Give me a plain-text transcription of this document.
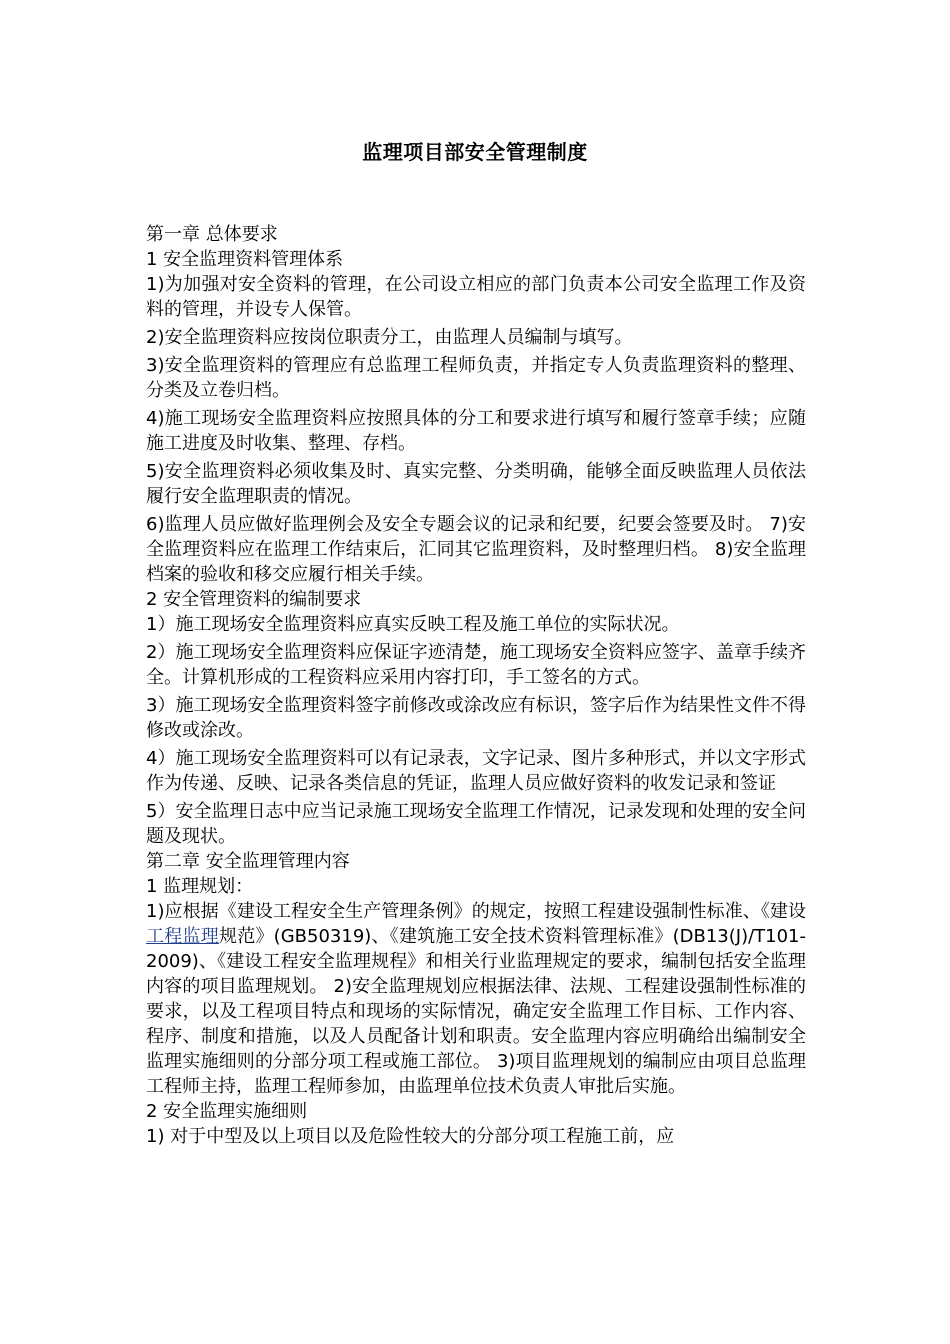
监理项目部安全管理制度

第一章 总体要求

1 安全监理资料管理体系

1)为加强对安全资料的管理，在公司设立相应的部门负责本公司安全监理工作及资料的管理，并设专人保管。

2)安全监理资料应按岗位职责分工，由监理人员编制与填写。

3)安全监理资料的管理应有总监理工程师负责，并指定专人负责监理资料的整理、分类及立卷归档。

4)施工现场安全监理资料应按照具体的分工和要求进行填写和履行签章手续；应随施工进度及时收集、整理、存档。

5)安全监理资料必须收集及时、真实完整、分类明确，能够全面反映监理人员依法履行安全监理职责的情况。

6)监理人员应做好监理例会及安全专题会议的记录和纪要，纪要会签要及时。 7)安全监理资料应在监理工作结束后，汇同其它监理资料，及时整理归档。 8)安全监理档案的验收和移交应履行相关手续。

2 安全管理资料的编制要求

1）施工现场安全监理资料应真实反映工程及施工单位的实际状况。

2）施工现场安全监理资料应保证字迹清楚，施工现场安全资料应签字、盖章手续齐全。计算机形成的工程资料应采用内容打印，手工签名的方式。

3）施工现场安全监理资料签字前修改或涂改应有标识，签字后作为结果性文件不得修改或涂改。

4）施工现场安全监理资料可以有记录表，文字记录、图片多种形式，并以文字形式作为传递、反映、记录各类信息的凭证，监理人员应做好资料的收发记录和签证

5）安全监理日志中应当记录施工现场安全监理工作情况，记录发现和处理的安全问题及现状。

第二章 安全监理管理内容

1 监理规划：

1)应根据《建设工程安全生产管理条例》的规定，按照工程建设强制性标准、《建设工程监理规范》(GB50319)、《建筑施工安全技术资料管理标准》(DB13(J)/T101-2009)、《建设工程安全监理规程》和相关行业监理规定的要求，编制包括安全监理内容的项目监理规划。 2)安全监理规划应根据法律、法规、工程建设强制性标准的要求，以及工程项目特点和现场的实际情况，确定安全监理工作目标、工作内容、程序、制度和措施，以及人员配备计划和职责。安全监理内容应明确给出编制安全监理实施细则的分部分项工程或施工部位。 3)项目监理规划的编制应由项目总监理工程师主持，监理工程师参加，由监理单位技术负责人审批后实施。

2 安全监理实施细则

1) 对于中型及以上项目以及危险性较大的分部分项工程施工前，应
